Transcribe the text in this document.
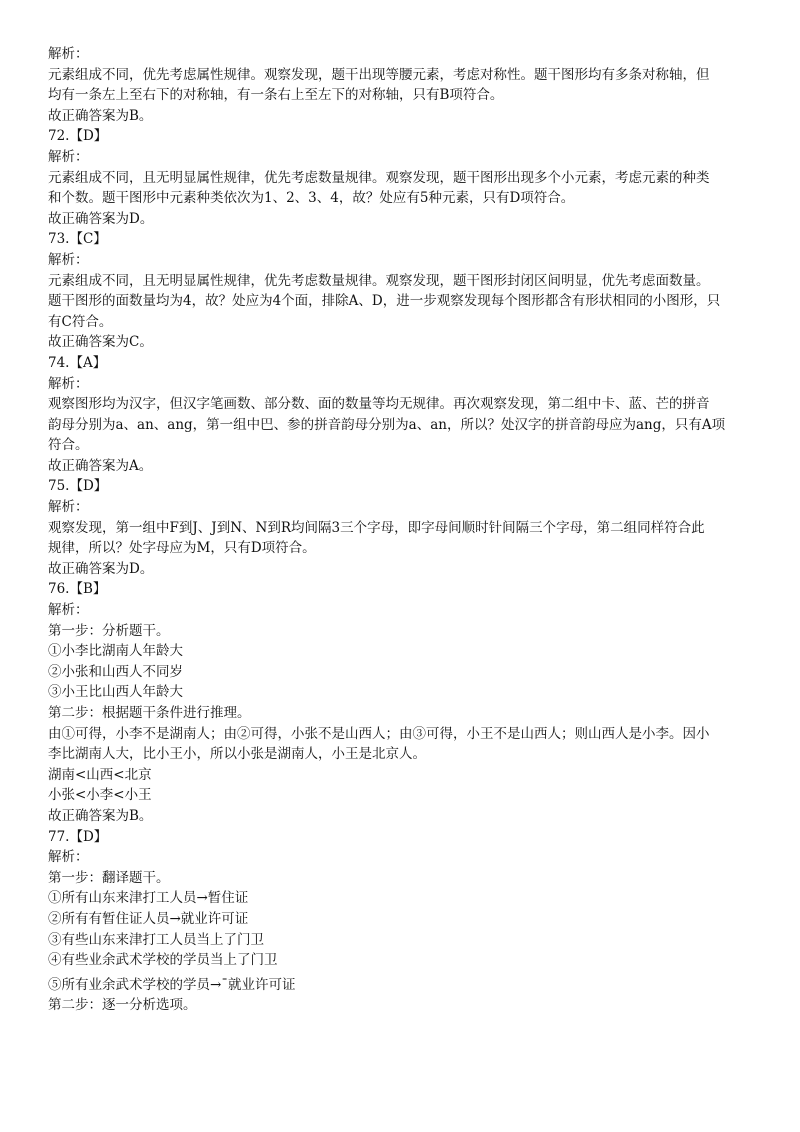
解析：
元素组成不同，优先考虑属性规律。观察发现，题干出现等腰元素，考虑对称性。题干图形均有多条对称轴，但
均有一条左上至右下的对称轴，有一条右上至左下的对称轴，只有B项符合。
故正确答案为B。
72.【D】
解析：
元素组成不同，且无明显属性规律，优先考虑数量规律。观察发现，题干图形出现多个小元素，考虑元素的种类
和个数。题干图形中元素种类依次为1、2、3、4，故？处应有5种元素，只有D项符合。
故正确答案为D。
73.【C】
解析：
元素组成不同，且无明显属性规律，优先考虑数量规律。观察发现，题干图形封闭区间明显，优先考虑面数量。
题干图形的面数量均为4，故？处应为4个面，排除A、D，进一步观察发现每个图形都含有形状相同的小图形，只
有C符合。
故正确答案为C。
74.【A】
解析：
观察图形均为汉字，但汉字笔画数、部分数、面的数量等均无规律。再次观察发现，第二组中卡、蓝、芒的拼音
韵母分别为a、an、ang，第一组中巴、参的拼音韵母分别为a、an，所以？处汉字的拼音韵母应为ang，只有A项
符合。
故正确答案为A。
75.【D】
解析：
观察发现，第一组中F到J、J到N、N到R均间隔3三个字母，即字母间顺时针间隔三个字母，第二组同样符合此
规律，所以？处字母应为M，只有D项符合。
故正确答案为D。
76.【B】
解析：
第一步：分析题干。
①小李比湖南人年龄大
②小张和山西人不同岁
③小王比山西人年龄大
第二步：根据题干条件进行推理。
由①可得，小李不是湖南人；由②可得，小张不是山西人；由③可得，小王不是山西人；则山西人是小李。因小
李比湖南人大，比小王小，所以小张是湖南人，小王是北京人。
湖南<山西<北京
小张<小李<小王
故正确答案为B。
77.【D】
解析：
第一步：翻译题干。
①所有山东来津打工人员→暂住证
②所有有暂住证人员→就业许可证
③有些山东来津打工人员当上了门卫
④有些业余武术学校的学员当上了门卫
⑤所有业余武术学校的学员→¯就业许可证
第二步：逐一分析选项。
